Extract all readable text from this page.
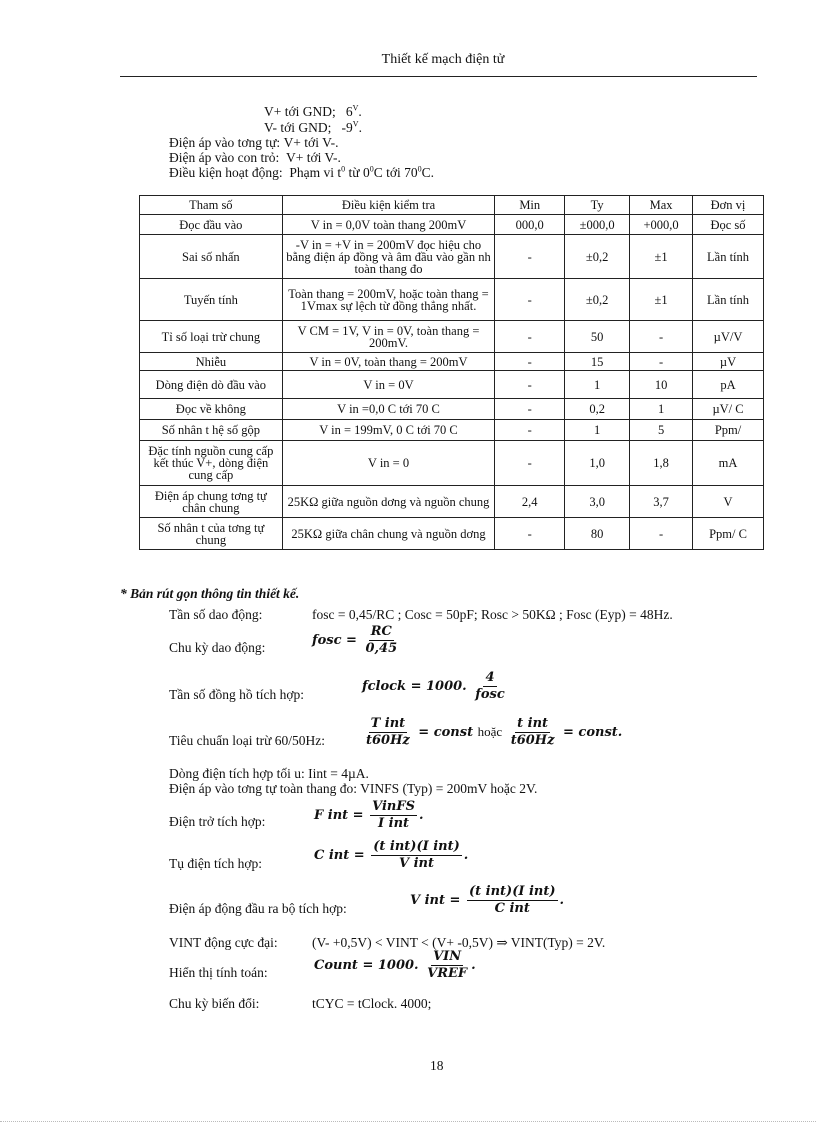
Thiết kế mạch điện tử
V+ tới GND; $6^V$.
V- tới GND; $-9^V$.
Điện áp vào tơng tự: V+ tới V-.
Điện áp vào con trỏ: V+ tới V-.
Điều kiện hoạt động: Phạm vi $t^0$ từ $0^0C$ tới $70^0C$.
Tham số	Điều kiện kiểm tra	Min	Ty	Max	Đơn vị
Đọc đầu vào	V in = 0,0V toàn thang 200mV	000,0	±000,0	+000,0	Đọc số
Sai số nhấn	-V in = +V in = 200mV đọc hiệu cho bằng điện áp đồng và âm đầu vào gần nh toàn thang đo	-	±0,2	±1	Lần tính
Tuyến tính	Toàn thang = 200mV, hoặc toàn thang = 1Vmax sự lệch từ đồng thẳng nhất.	-	±0,2	±1	Lần tính
Tỉ số loại trừ chung	V CM = 1V, V in = 0V, toàn thang = 200mV.	-	50	-	µV/V
Nhiễu	V in = 0V, toàn thang = 200mV	-	15	-	µV
Dòng điện dò đầu vào	V in = 0V	-	1	10	pA
Đọc về không	V in =0,0 C tới 70 C	-	0,2	1	µV/ C
Số nhân t hệ số gộp	V in = 199mV, 0 C tới 70 C	-	1	5	Ppm/
Đặc tính nguồn cung cấp kết thúc V+, dòng điện cung cấp	V in = 0	-	1,0	1,8	mA
Điện áp chung tơng tự chân chung	25KΩ giữa nguồn dơng và nguồn chung	2,4	3,0	3,7	V
Số nhân t của tơng tự chung	25KΩ giữa chân chung và nguồn dơng	-	80	-	Ppm/ C
* Bản rút gọn thông tin thiết kế.
Tần số dao động:	fosc = 0,45/RC ; Cosc = 50pF; Rosc > 50KΩ ; Fosc (Eyp) = 48Hz.
Chu kỳ dao động:	fosc = $\frac{RC}{0,45}$
Tần số đồng hồ tích hợp:
fclock = 1000. $\frac{4}{\text{fosc}}$
Tiêu chuẩn loại trừ 60/50Hz:	$\frac{\text{T int}}{t60Hz}$ = const hoặc $\frac{\text{t int}}{t60Hz}$ = const.
Dòng điện tích hợp tối u: Iint = 4µA.
Điện áp vào tơng tự toàn thang đo: VINFS (Typ) = 200mV hoặc 2V.
Điện trở tích hợp:	F int = $\frac{\text{VinFS}}{\text{I int}}$ .
Tụ điện tích hợp:
C int = $\frac{\text{(t int)(I int)}}{\text{V int}}$ .
Điện áp động đầu ra bộ tích hợp:
V int = $\frac{\text{(t int)(I int)}}{\text{C int}}$ .
VINT động cực đại:	(V- +0,5V) < VINT < (V+ -0,5V) ⇒ VINT(Typ) = 2V.
Hiển thị tính toán:	Count = 1000. $\frac{\text{VIN}}{\text{VREF}}$ .
Chu kỳ biến đổi:	tCYC = tClock. 4000;
18
